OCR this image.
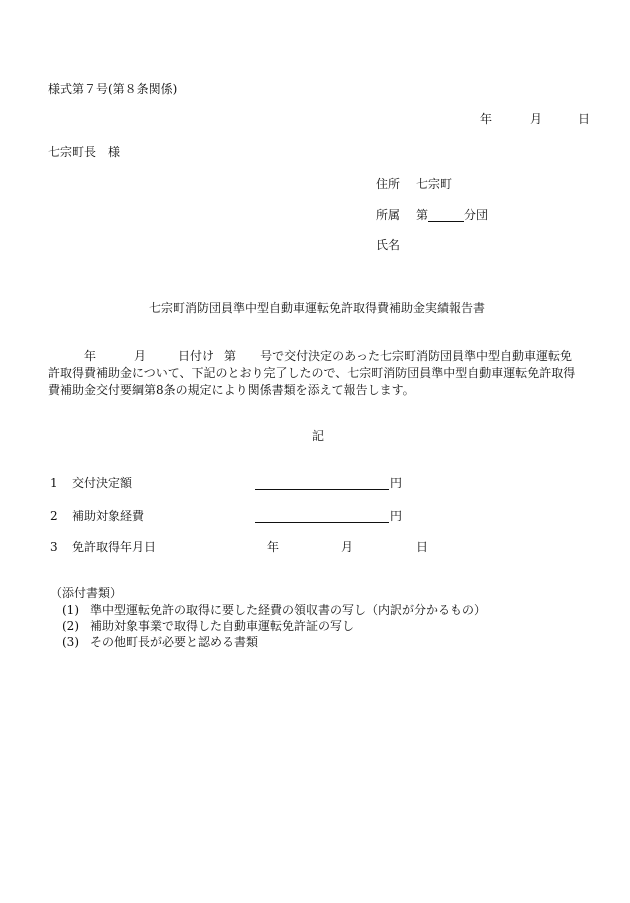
様式第７号(第８条関係)
年	月	日
七宗町長　様
住所 七宗町
所属 第	分団
氏名
七宗町消防団員準中型自動車運転免許取得費補助金実績報告書
年	月	日付け 第 号で交付決定のあった七宗町消防団員準中型自動車運転免
許取得費補助金について、下記のとおり完了したので、七宗町消防団員準中型自動車運転免許取得
費補助金交付要綱第8条の規定により関係書類を添えて報告します。
記
1 交付決定額	円
2 補助対象経費	円
3 免許取得年月日	年	月	日
（添付書類）
(1) 準中型運転免許の取得に要した経費の領収書の写し（内訳が分かるもの）
(2) 補助対象事業で取得した自動車運転免許証の写し
(3) その他町長が必要と認める書類
